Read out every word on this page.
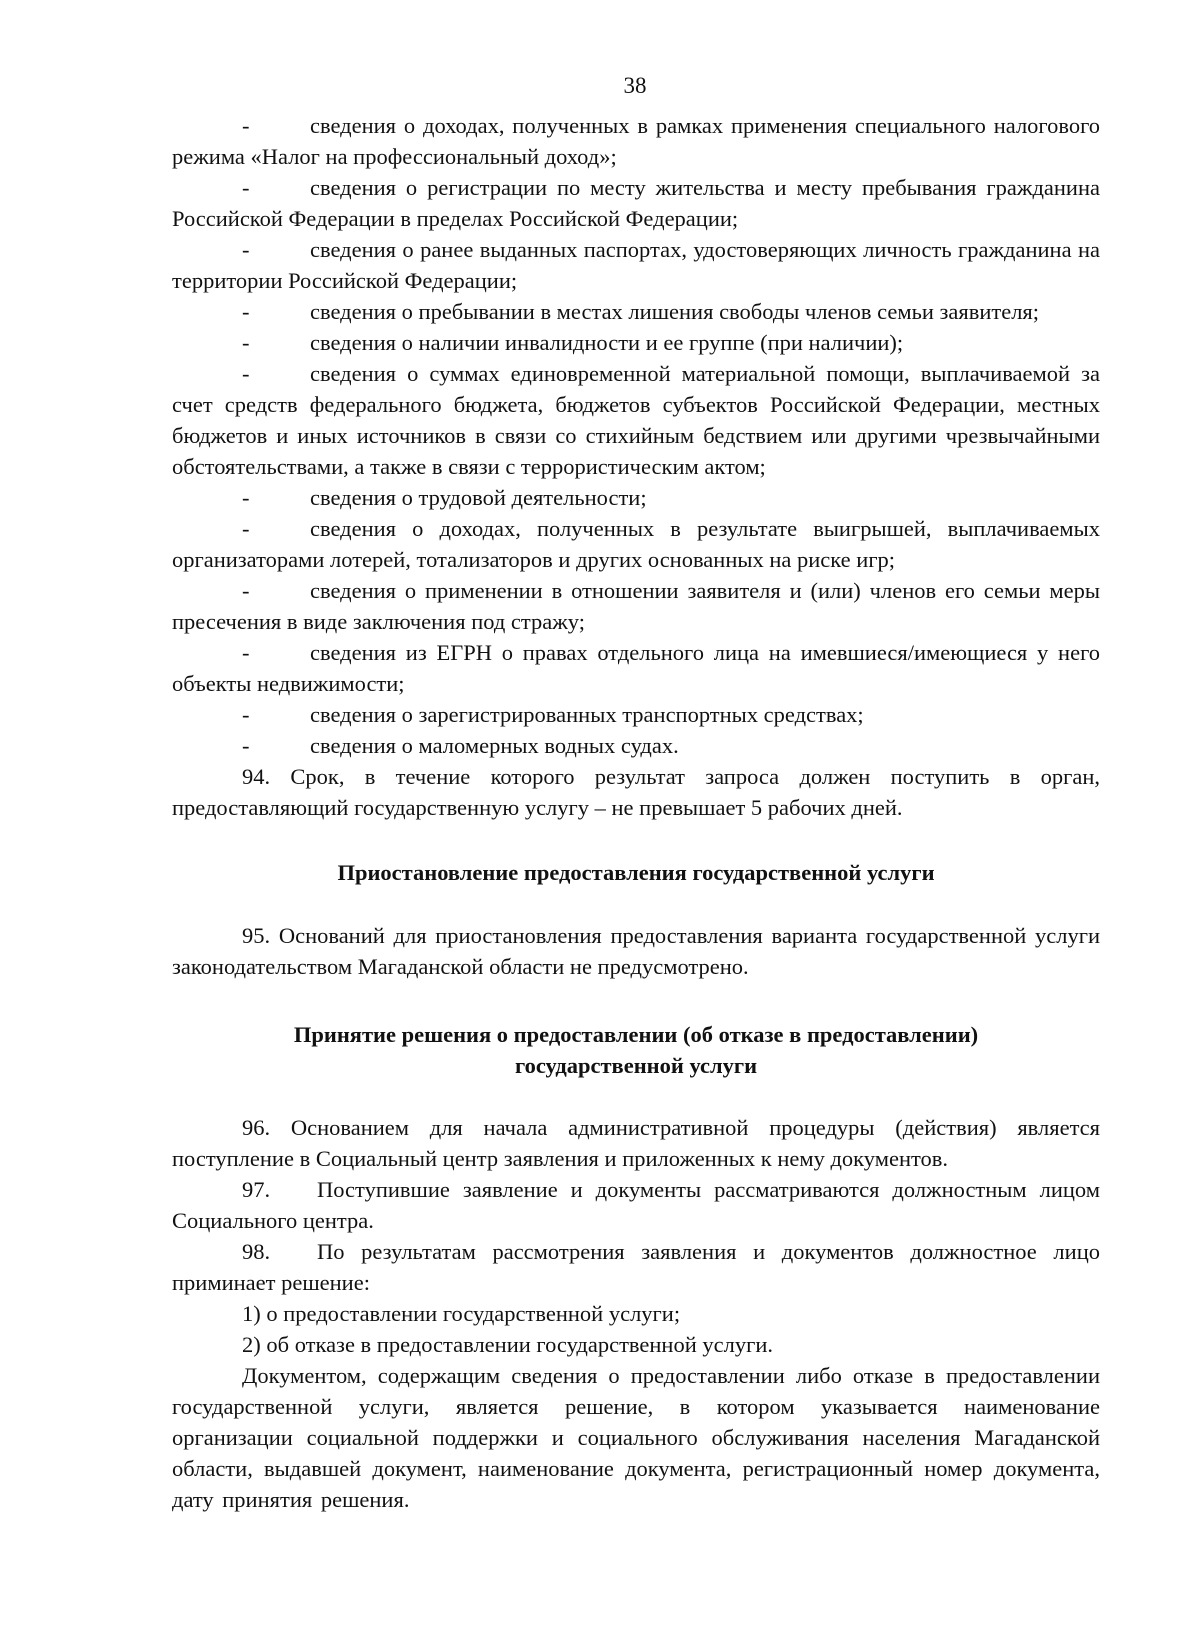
38

-	сведения о доходах, полученных в рамках применения специального налогового режима «Налог на профессиональный доход»;

-	сведения о регистрации по месту жительства и месту пребывания гражданина Российской Федерации в пределах Российской Федерации;

-	сведения о ранее выданных паспортах, удостоверяющих личность гражданина на территории Российской Федерации;

-	сведения о пребывании в местах лишения свободы членов семьи заявителя;

-	сведения о наличии инвалидности и ее группе (при наличии);

-	сведения о суммах единовременной материальной помощи, выплачиваемой за счет средств федерального бюджета, бюджетов субъектов Российской Федерации, местных бюджетов и иных источников в связи со стихийным бедствием или другими чрезвычайными обстоятельствами, а также в связи с террористическим актом;

-	сведения о трудовой деятельности;

-	сведения о доходах, полученных в результате выигрышей, выплачиваемых организаторами лотерей, тотализаторов и других основанных на риске игр;

-	сведения о применении в отношении заявителя и (или) членов его семьи меры пресечения в виде заключения под стражу;

-	сведения из ЕГРН о правах отдельного лица на имевшиеся/имеющиеся у него объекты недвижимости;

-	сведения о зарегистрированных транспортных средствах;

-	сведения о маломерных водных судах.

94. Срок, в течение которого результат запроса должен поступить в орган, предоставляющий государственную услугу – не превышает 5 рабочих дней.

Приостановление предоставления государственной услуги

95. Оснований для приостановления предоставления варианта государственной услуги законодательством Магаданской области не предусмотрено.

Принятие решения о предоставлении (об отказе в предоставлении)
государственной услуги

96. Основанием для начала административной процедуры (действия) является поступление в Социальный центр заявления и приложенных к нему документов.

97. Поступившие заявление и документы рассматриваются должностным лицом Социального центра.

98. По результатам рассмотрения заявления и документов должностное лицо приминает решение:

1) о предоставлении государственной услуги;

2) об отказе в предоставлении государственной услуги.

Документом, содержащим сведения о предоставлении либо отказе в предоставлении государственной услуги, является решение, в котором указывается наименование организации социальной поддержки и социального обслуживания населения Магаданской области, выдавшей документ, наименование документа, регистрационный номер документа, дату принятия решения.
